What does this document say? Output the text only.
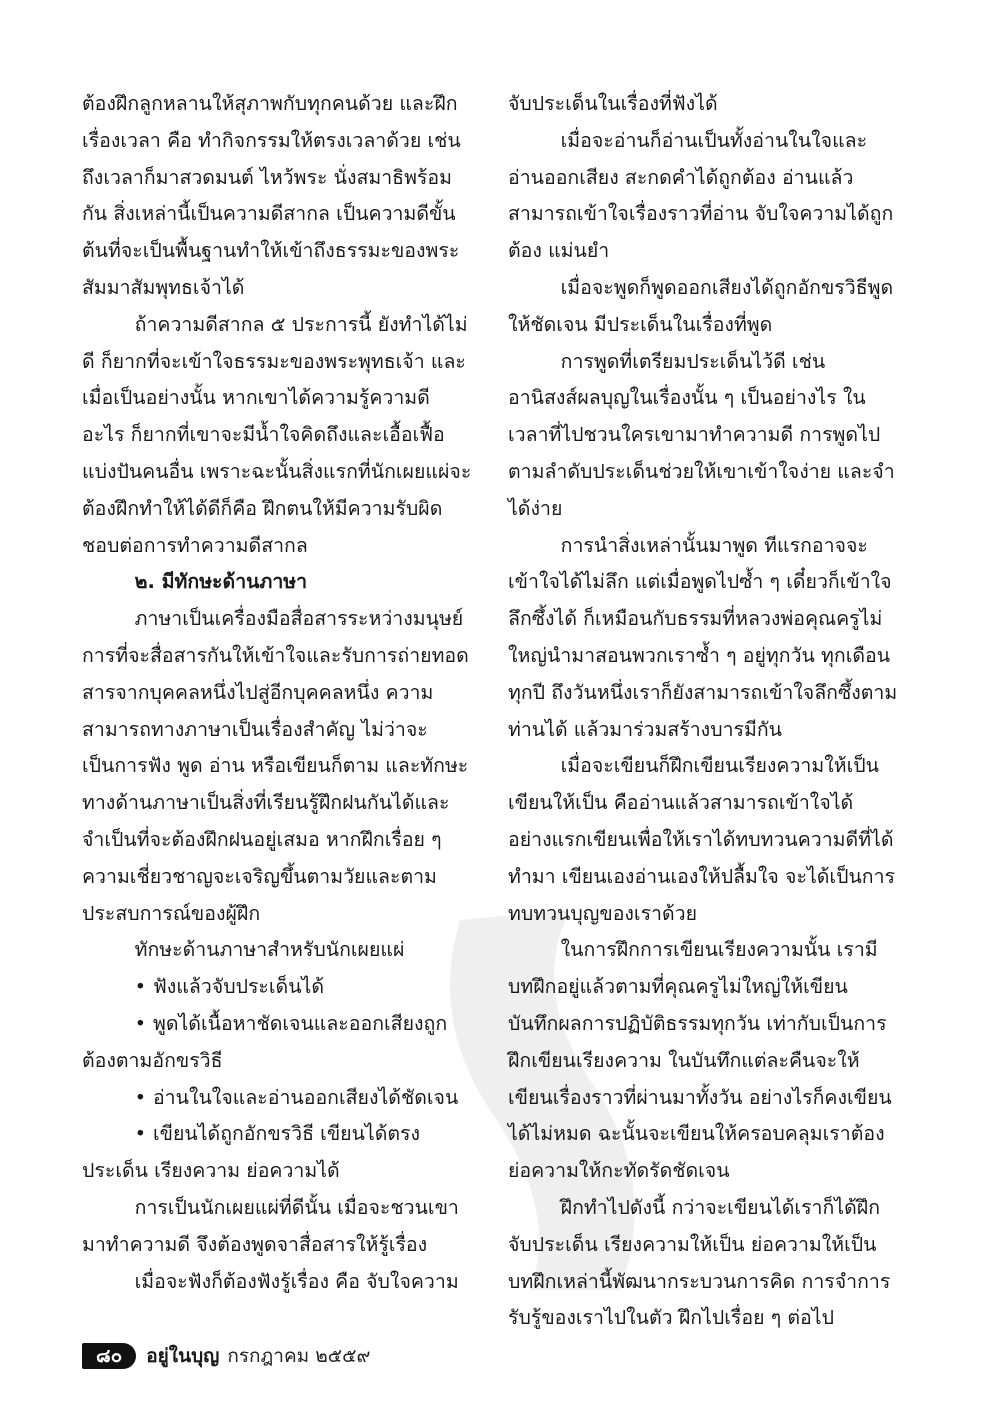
ต้องฝึกลูกหลานให้สุภาพกับทุกคนด้วย และฝึกเรื่องเวลา คือ ทำกิจกรรมให้ตรงเวลาด้วย เช่น ถึงเวลาก็มาสวดมนต์ ไหว้พระ นั่งสมาธิพร้อมกัน สิ่งเหล่านี้เป็นความดีสากล เป็นความดีขั้นต้นที่จะเป็นพื้นฐานทำให้เข้าถึงธรรมะของพระสัมมาสัมพุทธเจ้าได้

ถ้าความดีสากล ๕ ประการนี้ ยังทำได้ไม่ดี ก็ยากที่จะเข้าใจธรรมะของพระพุทธเจ้า และเมื่อเป็นอย่างนั้น หากเขาได้ความรู้ความดีอะไร ก็ยากที่เขาจะมีน้ำใจคิดถึงและเอื้อเฟื้อแบ่งปันคนอื่น เพราะฉะนั้นสิ่งแรกที่นักเผยแผ่จะต้องฝึกทำให้ได้ดีก็คือ ฝึกตนให้มีความรับผิดชอบต่อการทำความดีสากล

๒. มีทักษะด้านภาษา

ภาษาเป็นเครื่องมือสื่อสารระหว่างมนุษย์ การที่จะสื่อสารกันให้เข้าใจและรับการถ่ายทอดสารจากบุคคลหนึ่งไปสู่อีกบุคคลหนึ่ง ความสามารถทางภาษาเป็นเรื่องสำคัญ ไม่ว่าจะเป็นการฟัง พูด อ่าน หรือเขียนก็ตาม และทักษะทางด้านภาษาเป็นสิ่งที่เรียนรู้ฝึกฝนกันได้และจำเป็นที่จะต้องฝึกฝนอยู่เสมอ หากฝึกเรื่อย ๆ ความเชี่ยวชาญจะเจริญขึ้นตามวัยและตามประสบการณ์ของผู้ฝึก

ทักษะด้านภาษาสำหรับนักเผยแผ่

• ฟังแล้วจับประเด็นได้

• พูดได้เนื้อหาชัดเจนและออกเสียงถูกต้องตามอักขรวิธี

• อ่านในใจและอ่านออกเสียงได้ชัดเจน

• เขียนได้ถูกอักขรวิธี เขียนได้ตรงประเด็น เรียงความ ย่อความได้

การเป็นนักเผยแผ่ที่ดีนั้น เมื่อจะชวนเขามาทำความดี จึงต้องพูดจาสื่อสารให้รู้เรื่อง

เมื่อจะฟังก็ต้องฟังรู้เรื่อง คือ จับใจความ

จับประเด็นในเรื่องที่ฟังได้

เมื่อจะอ่านก็อ่านเป็นทั้งอ่านในใจและอ่านออกเสียง สะกดคำได้ถูกต้อง อ่านแล้วสามารถเข้าใจเรื่องราวที่อ่าน จับใจความได้ถูกต้อง แม่นยำ

เมื่อจะพูดก็พูดออกเสียงได้ถูกอักขรวิธีพูดให้ชัดเจน มีประเด็นในเรื่องที่พูด

การพูดที่เตรียมประเด็นไว้ดี เช่น อานิสงส์ผลบุญในเรื่องนั้น ๆ เป็นอย่างไร ในเวลาที่ไปชวนใครเขามาทำความดี การพูดไปตามลำดับประเด็นช่วยให้เขาเข้าใจง่าย และจำได้ง่าย

การนำสิ่งเหล่านั้นมาพูด ทีแรกอาจจะเข้าใจได้ไม่ลึก แต่เมื่อพูดไปซ้ำ ๆ เดี๋ยวก็เข้าใจลึกซึ้งได้ ก็เหมือนกับธรรมที่หลวงพ่อคุณครูไม่ใหญ่นำมาสอนพวกเราซ้ำ ๆ อยู่ทุกวัน ทุกเดือน ทุกปี ถึงวันหนึ่งเราก็ยังสามารถเข้าใจลึกซึ้งตามท่านได้ แล้วมาร่วมสร้างบารมีกัน

เมื่อจะเขียนก็ฝึกเขียนเรียงความให้เป็นเขียนให้เป็น คืออ่านแล้วสามารถเข้าใจได้ อย่างแรกเขียนเพื่อให้เราได้ทบทวนความดีที่ได้ทำมา เขียนเองอ่านเองให้ปลื้มใจ จะได้เป็นการทบทวนบุญของเราด้วย

ในการฝึกการเขียนเรียงความนั้น เรามีบทฝึกอยู่แล้วตามที่คุณครูไม่ใหญ่ให้เขียนบันทึกผลการปฏิบัติธรรมทุกวัน เท่ากับเป็นการฝึกเขียนเรียงความ ในบันทึกแต่ละคืนจะให้เขียนเรื่องราวที่ผ่านมาทั้งวัน อย่างไรก็คงเขียนได้ไม่หมด ฉะนั้นจะเขียนให้ครอบคลุมเราต้องย่อความให้กะทัดรัดชัดเจน

ฝึกทำไปดังนี้ กว่าจะเขียนได้เราก็ได้ฝึกจับประเด็น เรียงความให้เป็น ย่อความให้เป็นบทฝึกเหล่านี้พัฒนากระบวนการคิด การจำการรับรู้ของเราไปในตัว ฝึกไปเรื่อย ๆ ต่อไป

๘๐	อยู่ในบุญ กรกฎาคม ๒๕๕๙
